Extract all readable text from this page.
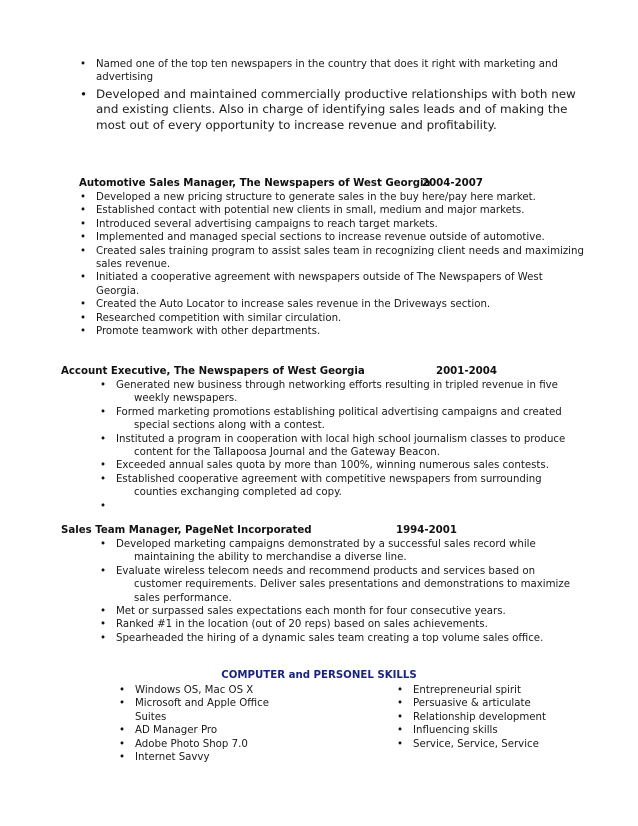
• Named one of the top ten newspapers in the country that does it right with marketing and advertising
• Developed and maintained commercially productive relationships with both new and existing clients. Also in charge of identifying sales leads and of making the most out of every opportunity to increase revenue and profitability.
Automotive Sales Manager, The Newspapers of West Georgia
2004-2007
• Developed a new pricing structure to generate sales in the buy here/pay here market.
• Established contact with potential new clients in small, medium and major markets.
• Introduced several advertising campaigns to reach target markets.
• Implemented and managed special sections to increase revenue outside of automotive.
• Created sales training program to assist sales team in recognizing client needs and maximizing sales revenue.
• Initiated a cooperative agreement with newspapers outside of The Newspapers of West Georgia.
• Created the Auto Locator to increase sales revenue in the Driveways section.
• Researched competition with similar circulation.
• Promote teamwork with other departments.
Account Executive, The Newspapers of West Georgia	2001-2004
• Generated new business through networking efforts resulting in tripled revenue in five
weekly newspapers.
• Formed marketing promotions establishing political advertising campaigns and created
special sections along with a contest.
• Instituted a program in cooperation with local high school journalism classes to produce
content for the Tallapoosa Journal and the Gateway Beacon.
• Exceeded annual sales quota by more than 100%, winning numerous sales contests.
• Established cooperative agreement with competitive newspapers from surrounding
counties exchanging completed ad copy.
•
Sales Team Manager, PageNet Incorporated	1994-2001
• Developed marketing campaigns demonstrated by a successful sales record while
maintaining the ability to merchandise a diverse line.
• Evaluate wireless telecom needs and recommend products and services based on
customer requirements. Deliver sales presentations and demonstrations to maximize sales performance.
• Met or surpassed sales expectations each month for four consecutive years.
• Ranked #1 in the location (out of 20 reps) based on sales achievements.
• Spearheaded the hiring of a dynamic sales team creating a top volume sales office.
COMPUTER and PERSONEL SKILLS
• Windows OS, Mac OS X
• Microsoft and Apple Office Suites
• AD Manager Pro
• Adobe Photo Shop 7.0
• Internet Savvy
• Entrepreneurial spirit
• Persuasive & articulate
• Relationship development
• Influencing skills
• Service, Service, Service
